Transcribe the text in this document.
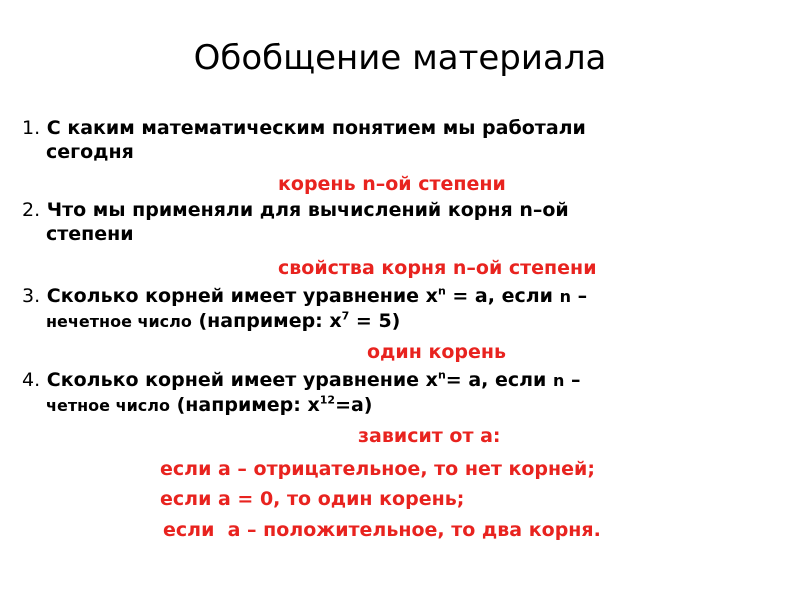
Обобщение материала
1. С каким математическим понятием мы работали
сегодня
корень n–ой степени
2. Что мы применяли для вычислений корня n–ой
степени
свойства корня n–ой степени
3. Сколько корней имеет уравнение $x^n = a$, если n –
нечетное число (например: $x^7 = 5$)
один корень
4. Сколько корней имеет уравнение $x^n= a$, если n –
четное число (например: $x^{12}=a$)
зависит от а:
если а – отрицательное, то нет корней;
если а = 0, то один корень;
если  а – положительное, то два корня.
